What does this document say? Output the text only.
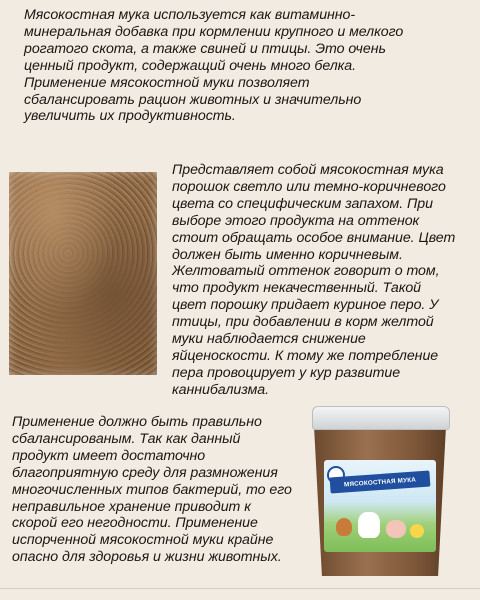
Мясокостная мука используется как витаминно-
минеральная добавка при кормлении крупного и мелкого
рогатого скота, а также свиней и птицы. Это очень
ценный продукт, содержащий очень много белка.
Применение мясокостной муки позволяет
сбалансировать рацион животных и значительно
увеличить их продуктивность.

Представляет собой мясокостная мука
порошок светло или темно-коричневого
цвета со специфическим запахом. При
выборе этого продукта на оттенок
стоит обращать особое внимание. Цвет
должен быть именно коричневым.
Желтоватый оттенок говорит о том,
что продукт некачественный. Такой
цвет порошку придает куриное перо. У
птицы, при добавлении в корм желтой
муки наблюдается снижение
яйценоскости. К тому же потребление
пера провоцирует у кур развитие
каннибализма.

Применение должно быть правильно
сбалансированым. Так как данный
продукт имеет достаточно
благоприятную среду для размножения
многочисленных типов бактерий, то его
неправильное хранение приводит к
скорой его негодности. Применение
испорченной мясокостной муки крайне
опасно для здоровья и жизни животных.

МЯСОКОСТНАЯ МУКА
